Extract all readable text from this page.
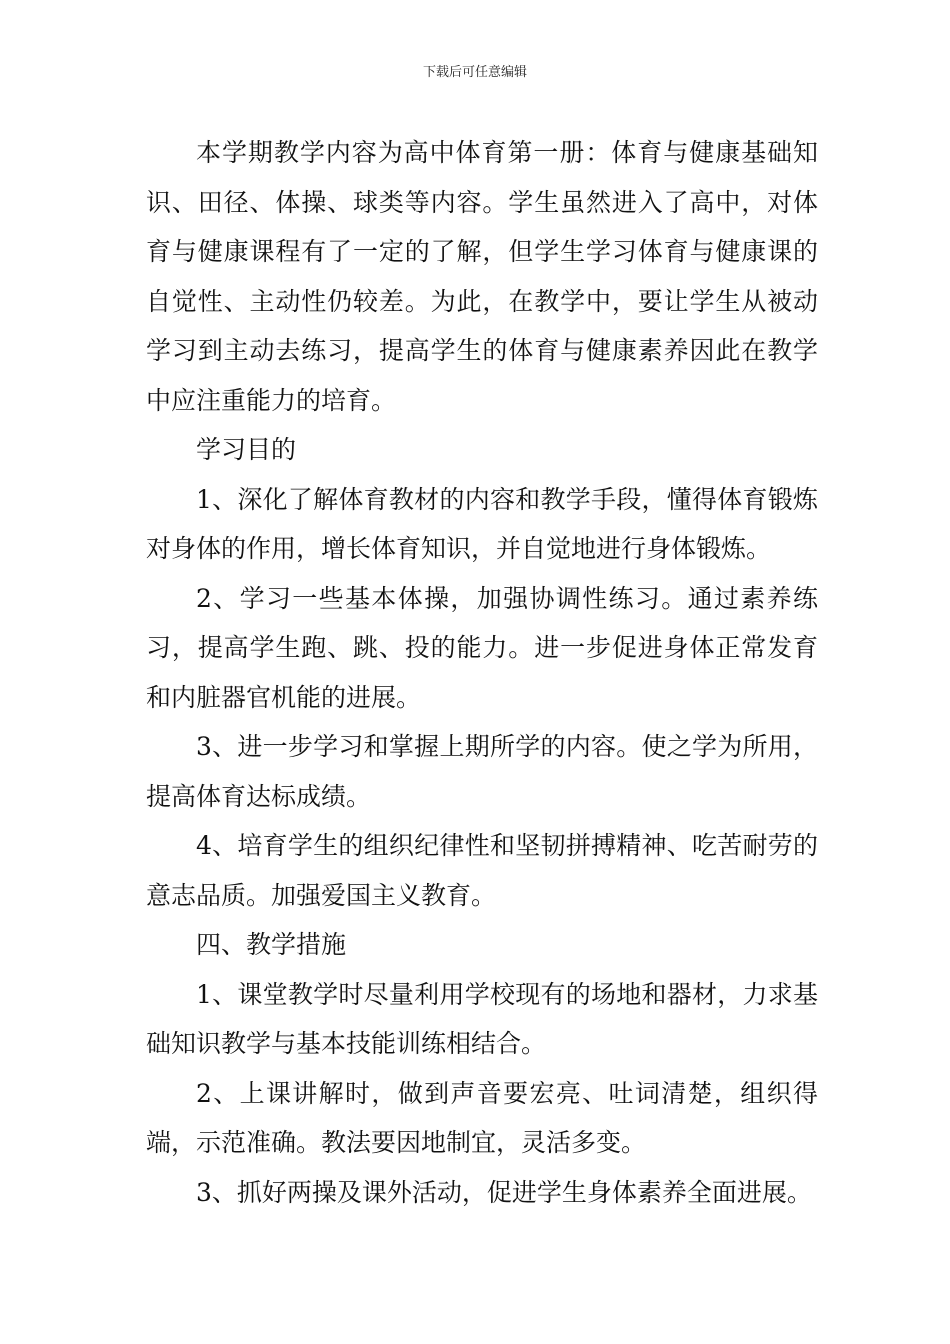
下载后可任意编辑

本学期教学内容为高中体育第一册：体育与健康基础知识、田径、体操、球类等内容。学生虽然进入了高中，对体育与健康课程有了一定的了解，但学生学习体育与健康课的自觉性、主动性仍较差。为此，在教学中，要让学生从被动学习到主动去练习，提高学生的体育与健康素养因此在教学中应注重能力的培育。

学习目的

1、深化了解体育教材的内容和教学手段，懂得体育锻炼对身体的作用，增长体育知识，并自觉地进行身体锻炼。

2、学习一些基本体操，加强协调性练习。通过素养练习，提高学生跑、跳、投的能力。进一步促进身体正常发育和内脏器官机能的进展。

3、进一步学习和掌握上期所学的内容。使之学为所用，提高体育达标成绩。

4、培育学生的组织纪律性和坚韧拼搏精神、吃苦耐劳的意志品质。加强爱国主义教育。

四、教学措施

1、课堂教学时尽量利用学校现有的场地和器材，力求基础知识教学与基本技能训练相结合。

2、上课讲解时，做到声音要宏亮、吐词清楚，组织得端，示范准确。教法要因地制宜，灵活多变。

3、抓好两操及课外活动，促进学生身体素养全面进展。
